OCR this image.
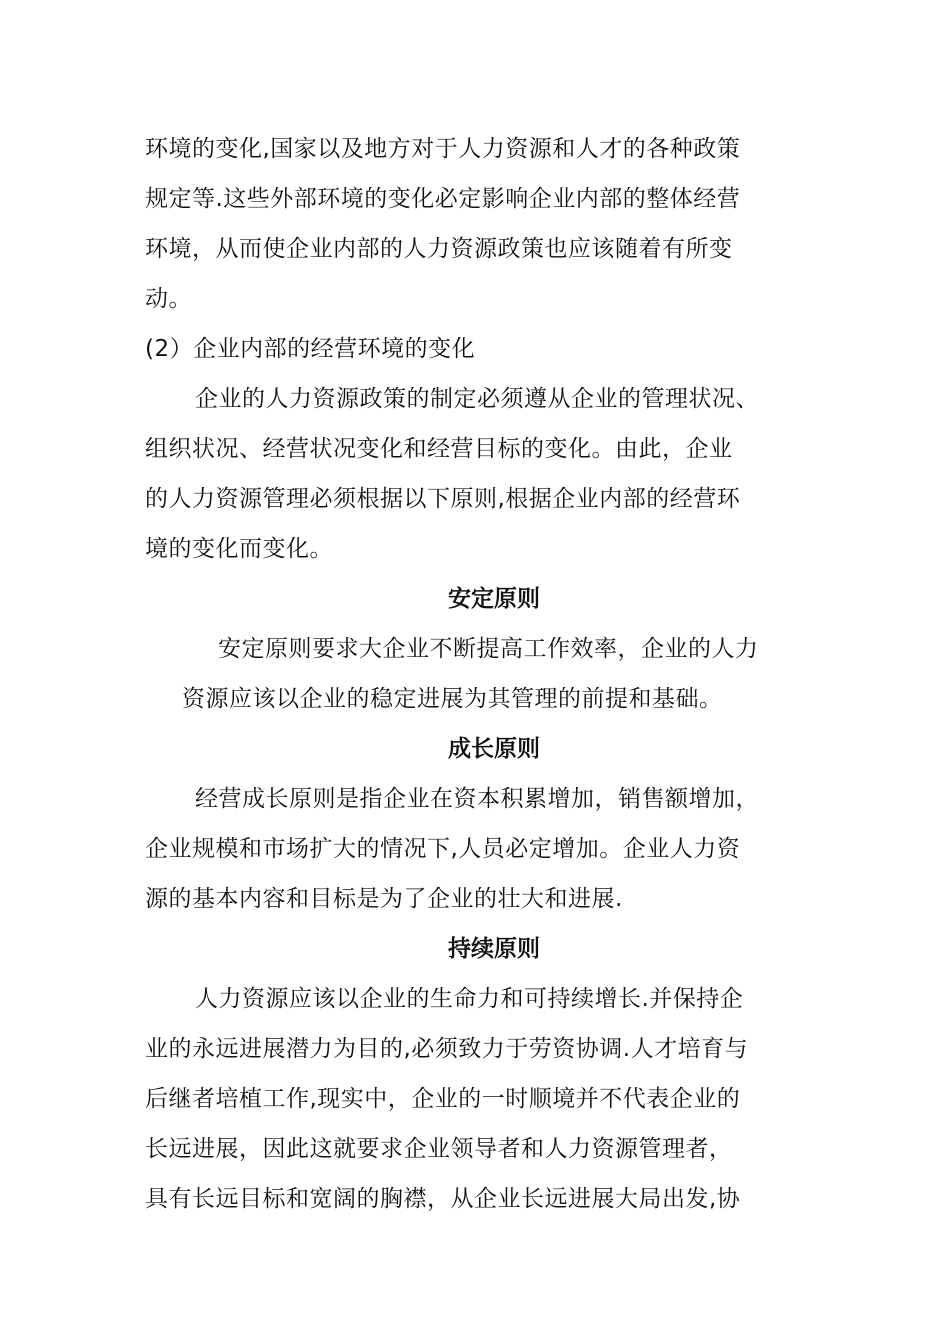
环境的变化,国家以及地方对于人力资源和人才的各种政策
规定等.这些外部环境的变化必定影响企业内部的整体经营
环境，从而使企业内部的人力资源政策也应该随着有所变
动。
(2）企业内部的经营环境的变化
企业的人力资源政策的制定必须遵从企业的管理状况、
组织状况、经营状况变化和经营目标的变化。由此，企业
的人力资源管理必须根据以下原则,根据企业内部的经营环
境的变化而变化。
安定原则
安定原则要求大企业不断提高工作效率，企业的人力
资源应该以企业的稳定进展为其管理的前提和基础。
成长原则
经营成长原则是指企业在资本积累增加，销售额增加，
企业规模和市场扩大的情况下,人员必定增加。企业人力资
源的基本内容和目标是为了企业的壮大和进展.
持续原则
人力资源应该以企业的生命力和可持续增长.并保持企
业的永远进展潜力为目的,必须致力于劳资协调.人才培育与
后继者培植工作,现实中，企业的一时顺境并不代表企业的
长远进展，因此这就要求企业领导者和人力资源管理者，
具有长远目标和宽阔的胸襟，从企业长远进展大局出发,协
